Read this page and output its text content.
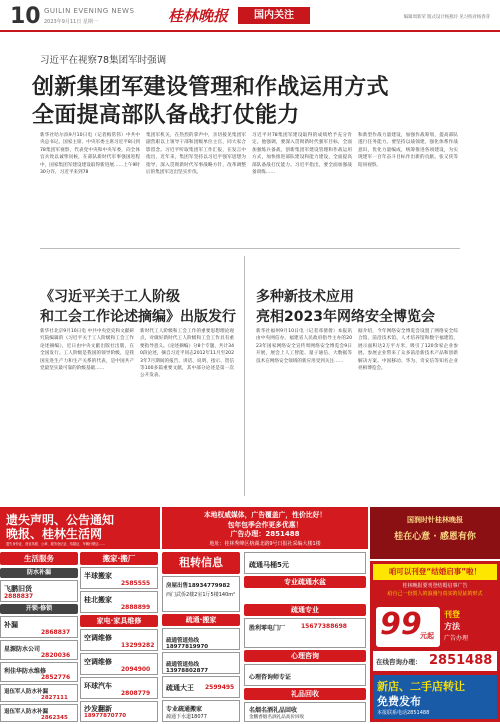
10 GUILIN EVENING NEWS
2023年9月11日 星期一	桂林晚报	国内关注	编辑周新荣 版式设计杨燕玲 见习校对杨春芽
习近平在视察78集团军时强调
创新集团军建设管理和作战运用方式
全面提高部队备战打仗能力
新华社哈尔滨9月10日电（记者梅常伟）中共中央总书记、国家主席、中央军委主席习近平8日到78集团军视察，代表党中央和中央军委，向全体官兵致以诚挚问候，在部队新时代军事强国进程中，国家集团军建设建设取得新进展……上午9时30分许，习近平来到78
集团军机关，在热烈的掌声中，亲切接见集团军副营职以上领导干部和团级单位主官，同大家合影留念。习近平听取集团军工作汇报，在发言中指出，近年来，集团军坚持以习近平强军思想为指导，深入贯彻新时代军事战略方针，改革调整后的集团军迈出坚实步伐。
习近平对78集团军建设取得的成绩给予充分肯定。他强调，要深入贯彻新时代强军目标，全面加强练兵备战，创新集团军建设管理和作战运用方式，加快推进部队建设和能力建设，全面提高部队备战打仗能力。习近平指出，要全面加强战备训练……
和新型作战力量建设，加强作战筹划，提高部队遂行任务能力。要坚持以战领建，强化体系作战意识，优化力量编成，统筹推进各项建设，为实现建军一百年奋斗目标作出新的贡献。张又侠等陪同视察。
《习近平关于工人阶级
和工会工作论述摘编》出版发行
新华社北京9月10日电 中共中央党史和文献研究院编辑的《习近平关于工人阶级和工会工作论述摘编》，近日由中央文献出版社出版，在全国发行。工人阶级是我国的领导阶级，是我国先进生产力和生产关系的代表，是中国共产党最坚实最可靠的阶级基础……
新时代工人阶级和工会工作的重要思想理论观点，对做好新时代工人阶级和工会工作具有重要指导意义。《论述摘编》分8个专题，共计340段论述，摘自习近平同志2012年11月至2023年7月期间的报告、讲话、说明、指示、贺信等100多篇重要文献，其中部分论述是第一次公开发表。
多种新技术应用
亮相2023年网络安全博览会
新华社福州9月10日电（记者邓倩倩）本报讯 由中央网信办、福建省人民政府指导主办的2023年国家网络安全宣传周网络安全博览会9日开展，展会上人工智能、量子通信、大数据等技术在网络安全领域的新应用受到关注……
据介绍，今年网络安全博览会设置了网络安全综合馆、前沿技术馆、人才培养馆和数字福建馆，展示面积达2万平方米，吸引了120余家企业参展。参展企业带来了众多前沿新技术产品和创新解决方案。中国移动、华为、奇安信等知名企业亮相博览会。
遗失声明、公告通知
晚报、桂林生活网
遗失身份证、营业执照、公章、税务登记证、结婚证、车辆行驶证……
本地权威媒体，广告覆盖广，性价比好！
包年包季会作更多优惠！
广告办理：2851488
地址：桂林秀峰区榕湖北路9号日报社采编大楼1楼
国润时针桂林晚报
桂在心意 · 感恩有你
生活服务
防水补漏
飞鹏旧货
2888837
开锁·修锁
补漏
2868837
星源防水公司
2820036
利佳华防水维修
2852776
退伍军人防水补漏
2827111
退伍军人防水补漏
2862345
搬家·搬厂
半球搬家
2585555
桂北搬家
2888899
家电·家具维修
空调维修
13299282
空调维修
2094900
环球汽车
2808779
沙发翻新
18977870770
租转信息
房屋出售18934779982
西门武侨2楼2室1厅5楼140m²
疏通·搬家
疏通管道热线18977819970
疏通管道热线13978802877
疏通大王 2599495
专业疏通搬家
疏通下水道18077
疏通马桶5元
专业疏通水盆
疏通专业
胜利零电门厂	15677388698
心理咨询
心理咨询师专证
礼品回收
名烟名酒礼品回收
金鹏香烟名酒礼品高价回收
咱可以刊登“结婚启事”啦！
桂林晚报要刊登结婚启事广告
给自己一份贺人的浪漫与真实的见证的形式
99
元起
刊登
方法
广告办理
在线咨询办理： 2851488
新店、二手店转让
免费发布
本报联系电话2851488
